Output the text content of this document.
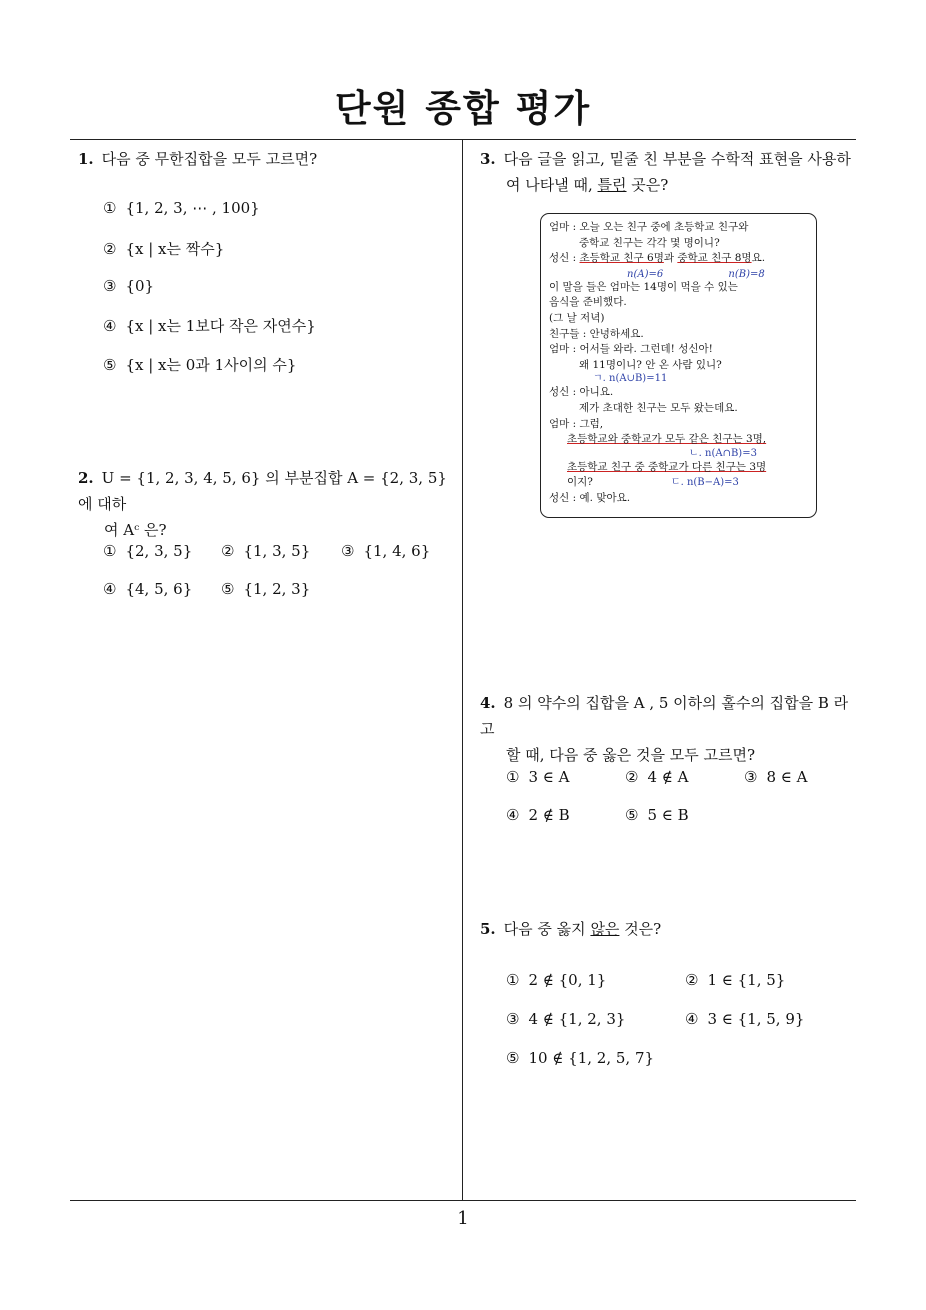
단원 종합 평가
1. 다음 중 무한집합을 모두 고르면?
① {1, 2, 3, ⋯ , 100}
② {x | x는 짝수}
③ {0}
④ {x | x는 1보다 작은 자연수}
⑤ {x | x는 0과 1사이의 수}
2. U = {1, 2, 3, 4, 5, 6} 의 부분집합 A = {2, 3, 5} 에 대하
여 Aᶜ 은?
① {2, 3, 5} ② {1, 3, 5} ③ {1, 4, 6}
④ {4, 5, 6} ⑤ {1, 2, 3}
3. 다음 글을 읽고, 밑줄 친 부분을 수학적 표현을 사용하
여 나타낼 때, 틀린 곳은?
엄마 : 오늘 오는 친구 중에 초등학교 친구와
중학교 친구는 각각 몇 명이니?
성신 : 초등학교 친구 6명과 중학교 친구 8명요.
n(A)=6	n(B)=8
이 말을 들은 엄마는 14명이 먹을 수 있는
음식을 준비했다.
(그 날 저녁)
친구들 : 안녕하세요.
엄마 : 어서들 와라. 그런데! 성신아!
왜 11명이니? 안 온 사람 있니?
ㄱ. n(A∪B)=11
성신 : 아니요.
제가 초대한 친구는 모두 왔는데요.
엄마 : 그럼,
초등학교와 중학교가 모두 같은 친구는 3명,
ㄴ. n(A∩B)=3
초등학교 친구 중 중학교가 다른 친구는 3명
이지?	ㄷ. n(B−A)=3
성신 : 예. 맞아요.
4. 8 의 약수의 집합을 A , 5 이하의 홀수의 집합을 B 라고
할 때, 다음 중 옳은 것을 모두 고르면?
① 3 ∈ A	② 4 ∉ A	③ 8 ∈ A
④ 2 ∉ B	⑤ 5 ∈ B
5. 다음 중 옳지 않은 것은?
① 2 ∉ {0, 1}	② 1 ∈ {1, 5}
③ 4 ∉ {1, 2, 3}	④ 3 ∈ {1, 5, 9}
⑤ 10 ∉ {1, 2, 5, 7}
1
